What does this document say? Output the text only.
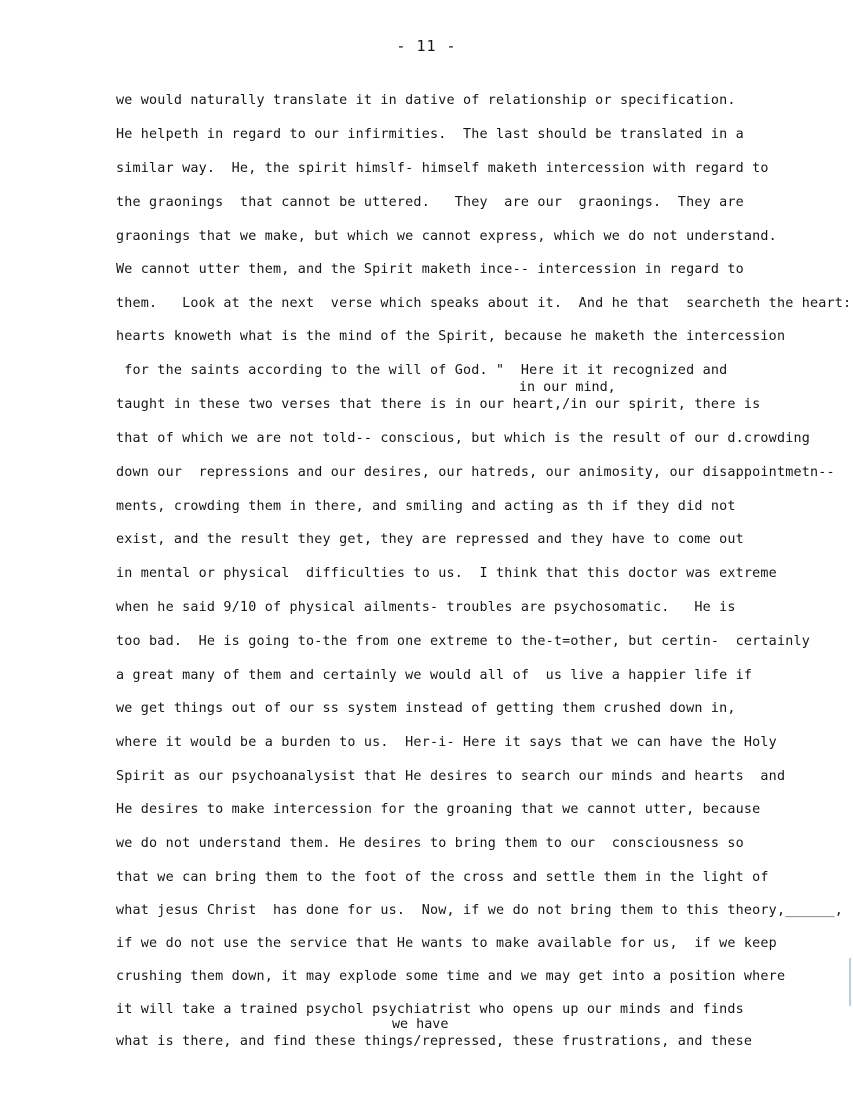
- 11 -
we would naturally translate it in dative of relationship or specification.
He helpeth in regard to our infirmities.  The last should be translated in a
similar way.  He, the spirit himslf- himself maketh intercession with regard to
the graonings  that cannot be uttered.   They  are our  graonings.  They are
graonings that we make, but which we cannot express, which we do not understand.
We cannot utter them, and the Spirit maketh ince-- intercession in regard to
them.   Look at the next  verse which speaks about it.  And he that  searcheth the heart:
hearts knoweth what is the mind of the Spirit, because he maketh the intercession
for the saints according to the will of God. "  Here it it recognized and
in our mind,
taught in these two verses that there is in our heart,/in our spirit, there is
that of which we are not told-- conscious, but which is the result of our d.crowding
down our  repressions and our desires, our hatreds, our animosity, our disappointmetn--
ments, crowding them in there, and smiling and acting as th if they did not
exist, and the result they get, they are repressed and they have to come out
in mental or physical  difficulties to us.  I think that this doctor was extreme
when he said 9/10 of physical ailments- troubles are psychosomatic.   He is
too bad.  He is going to-the from one extreme to the-t=other, but certin-  certainly
a great many of them and certainly we would all of  us live a happier life if
we get things out of our ss system instead of getting them crushed down in,
where it would be a burden to us.  Her-i- Here it says that we can have the Holy
Spirit as our psychoanalysist that He desires to search our minds and hearts  and
He desires to make intercession for the groaning that we cannot utter, because
we do not understand them. He desires to bring them to our  consciousness so
that we can bring them to the foot of the cross and settle them in the light of
what jesus Christ  has done for us.  Now, if we do not bring them to this theory,______,
if we do not use the service that He wants to make available for us,  if we keep
crushing them down, it may explode some time and we may get into a position where
it will take a trained psychol psychiatrist who opens up our minds and finds
we have
what is there, and find these things/repressed, these frustrations, and these
